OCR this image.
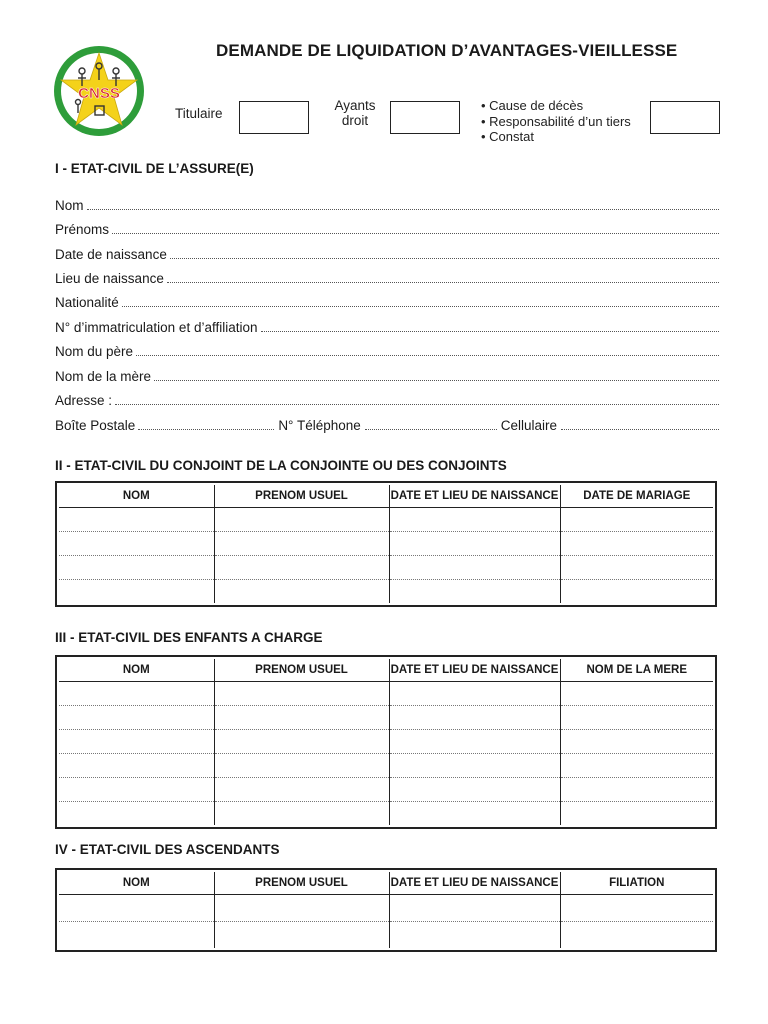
CNSS
DEMANDE DE LIQUIDATION D’AVANTAGES-VIEILLESSE
Titulaire
Ayants
droit
• Cause de décès
• Responsabilité d’un tiers
• Constat
I - ETAT-CIVIL DE L’ASSURE(E)
Nom
Prénoms
Date de naissance
Lieu de naissance
Nationalité
N° d’immatriculation et d’affiliation
Nom du père
Nom de la mère
Adresse :
Boîte Postale	N° Téléphone	Cellulaire
II - ETAT-CIVIL DU CONJOINT DE LA CONJOINTE OU DES CONJOINTS
NOM	PRENOM USUEL	DATE ET LIEU DE NAISSANCE	DATE DE MARIAGE

III - ETAT-CIVIL DES ENFANTS A CHARGE
NOM	PRENOM USUEL	DATE ET LIEU DE NAISSANCE	NOM DE LA MERE

IV - ETAT-CIVIL DES ASCENDANTS
NOM	PRENOM USUEL	DATE ET LIEU DE NAISSANCE	FILIATION
